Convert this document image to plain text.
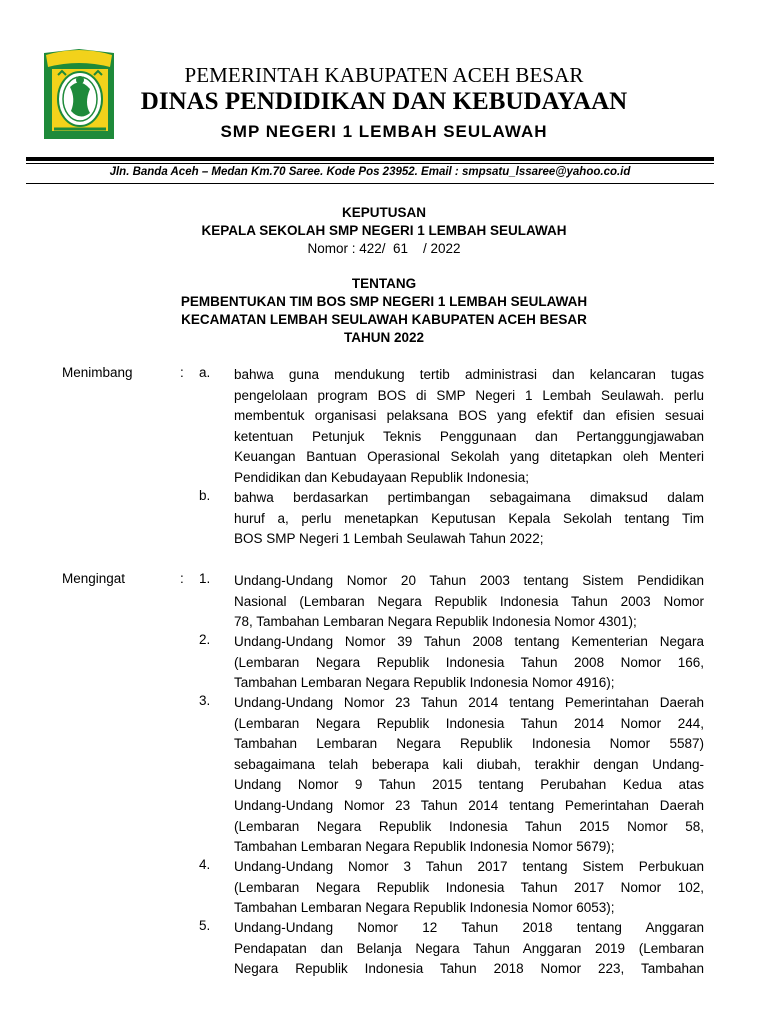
PEMERINTAH KABUPATEN ACEH BESAR
DINAS PENDIDIKAN DAN KEBUDAYAAN
SMP NEGERI 1 LEMBAH SEULAWAH
Jln. Banda Aceh – Medan Km.70 Saree. Kode Pos 23952. Email : smpsatu_lssaree@yahoo.co.id
KEPUTUSAN
KEPALA SEKOLAH SMP NEGERI 1 LEMBAH SEULAWAH
Nomor : 422/  61    / 2022
TENTANG
PEMBENTUKAN TIM BOS SMP NEGERI 1 LEMBAH SEULAWAH
KECAMATAN LEMBAH SEULAWAH KABUPATEN ACEH BESAR
TAHUN 2022
Menimbang	: a. bahwa guna mendukung tertib administrasi dan kelancaran tugas
pengelolaan program BOS di SMP Negeri 1 Lembah Seulawah. perlu
membentuk organisasi pelaksana BOS yang efektif dan efisien sesuai
ketentuan Petunjuk Teknis Penggunaan dan Pertanggungjawaban
Keuangan Bantuan Operasional Sekolah yang ditetapkan oleh Menteri
Pendidikan dan Kebudayaan Republik Indonesia;
b. bahwa berdasarkan pertimbangan sebagaimana dimaksud dalam
huruf a, perlu menetapkan Keputusan Kepala Sekolah tentang Tim
BOS SMP Negeri 1 Lembah Seulawah Tahun 2022;
Mengingat	: 1. Undang-Undang Nomor 20 Tahun 2003 tentang Sistem Pendidikan
Nasional (Lembaran Negara Republik Indonesia Tahun 2003 Nomor
78, Tambahan Lembaran Negara Republik Indonesia Nomor 4301);
2. Undang-Undang Nomor 39 Tahun 2008 tentang Kementerian Negara
(Lembaran Negara Republik Indonesia Tahun 2008 Nomor 166,
Tambahan Lembaran Negara Republik Indonesia Nomor 4916);
3. Undang-Undang Nomor 23 Tahun 2014 tentang Pemerintahan Daerah
(Lembaran Negara Republik Indonesia Tahun 2014 Nomor 244,
Tambahan Lembaran Negara Republik Indonesia Nomor 5587)
sebagaimana telah beberapa kali diubah, terakhir dengan Undang-
Undang Nomor 9 Tahun 2015 tentang Perubahan Kedua atas
Undang-Undang Nomor 23 Tahun 2014 tentang Pemerintahan Daerah
(Lembaran Negara Republik Indonesia Tahun 2015 Nomor 58,
Tambahan Lembaran Negara Republik Indonesia Nomor 5679);
4. Undang-Undang Nomor 3 Tahun 2017 tentang Sistem Perbukuan
(Lembaran Negara Republik Indonesia Tahun 2017 Nomor 102,
Tambahan Lembaran Negara Republik Indonesia Nomor 6053);
5. Undang-Undang Nomor 12 Tahun 2018 tentang Anggaran
Pendapatan dan Belanja Negara Tahun Anggaran 2019 (Lembaran
Negara Republik Indonesia Tahun 2018 Nomor 223, Tambahan
